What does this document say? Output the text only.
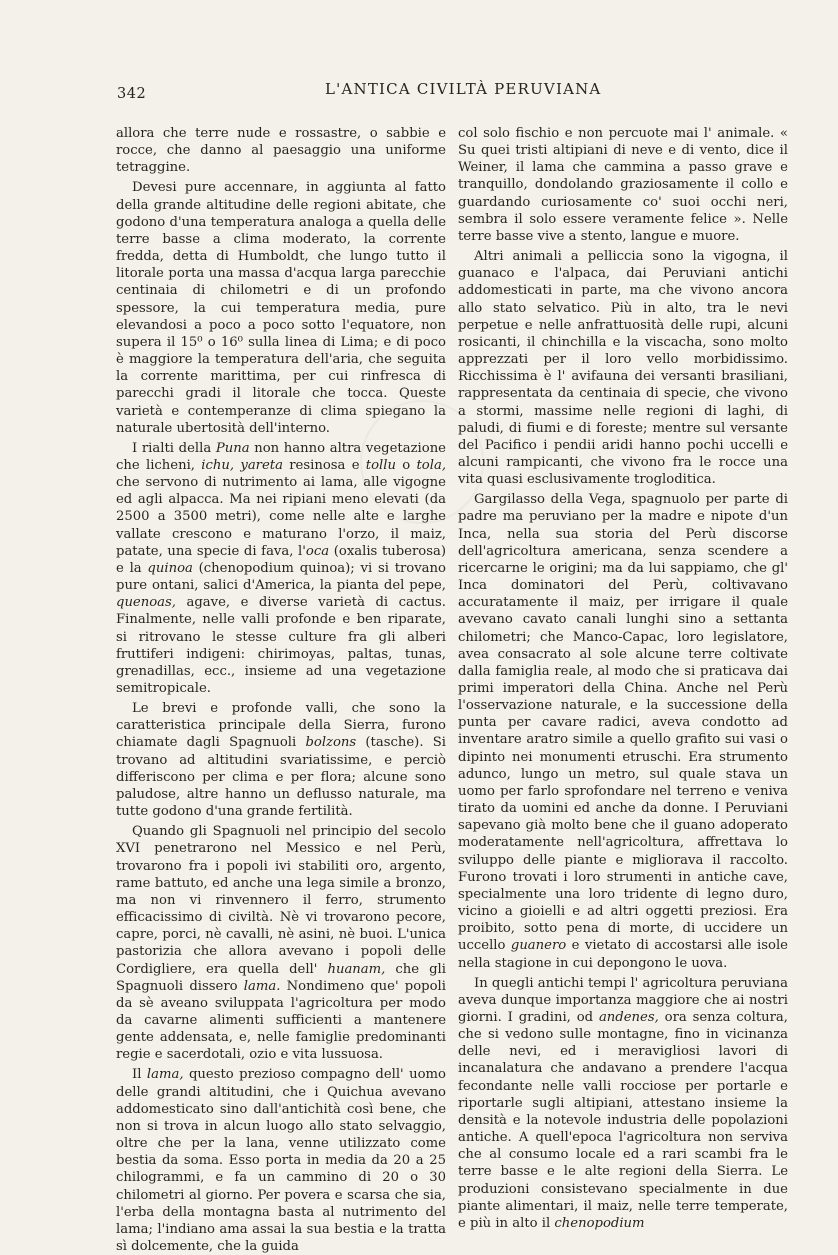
342	L'ANTICA CIVILTÀ PERUVIANA

allora che terre nude e rossastre, o sabbie e rocce, che danno al paesaggio una uniforme tetraggine.

Devesi pure accennare, in aggiunta al fatto della grande altitudine delle regioni abitate, che godono d'una temperatura analoga a quella delle terre basse a clima moderato, la corrente fredda, detta di Humboldt, che lungo tutto il litorale porta una massa d'acqua larga parecchie centinaia di chilometri e di un profondo spessore, la cui temperatura media, pure elevandosi a poco a poco sotto l'equatore, non supera il 15⁰ o 16⁰ sulla linea di Lima; e di poco è maggiore la temperatura dell'aria, che seguita la corrente marittima, per cui rinfresca di parecchi gradi il litorale che tocca. Queste varietà e contemperanze di clima spiegano la naturale ubertosità dell'interno.

I rialti della Puna non hanno altra vegetazione che licheni, ichu, yareta resinosa e tollu o tola, che servono di nutrimento ai lama, alle vigogne ed agli alpacca. Ma nei ripiani meno elevati (da 2500 a 3500 metri), come nelle alte e larghe vallate crescono e maturano l'orzo, il maiz, patate, una specie di fava, l'oca (oxalis tuberosa) e la quinoa (chenopodium quinoa); vi si trovano pure ontani, salici d'America, la pianta del pepe, quenoas, agave, e diverse varietà di cactus. Finalmente, nelle valli profonde e ben riparate, si ritrovano le stesse culture fra gli alberi fruttiferi indigeni: chirimoyas, paltas, tunas, grenadillas, ecc., insieme ad una vegetazione semitropicale.

Le brevi e profonde valli, che sono la caratteristica principale della Sierra, furono chiamate dagli Spagnuoli bolzons (tasche). Si trovano ad altitudini svariatissime, e perciò differiscono per clima e per flora; alcune sono paludose, altre hanno un deflusso naturale, ma tutte godono d'una grande fertilità.

Quando gli Spagnuoli nel principio del secolo XVI penetrarono nel Messico e nel Perù, trovarono fra i popoli ivi stabiliti oro, argento, rame battuto, ed anche una lega simile a bronzo, ma non vi rinvennero il ferro, strumento efficacissimo di civiltà. Nè vi trovarono pecore, capre, porci, nè cavalli, nè asini, nè buoi. L'unica pastorizia che allora avevano i popoli delle Cordigliere, era quella dell' huanam, che gli Spagnuoli dissero lama. Nondimeno que' popoli da sè aveano sviluppata l'agricoltura per modo da cavarne alimenti sufficienti a mantenere gente addensata, e, nelle famiglie predominanti regie e sacerdotali, ozio e vita lussuosa.

Il lama, questo prezioso compagno dell' uomo delle grandi altitudini, che i Quichua avevano addomesticato sino dall'antichità così bene, che non si trova in alcun luogo allo stato selvaggio, oltre che per la lana, venne utilizzato come bestia da soma. Esso porta in media da 20 a 25 chilogrammi, e fa un cammino di 20 o 30 chilometri al giorno. Per povera e scarsa che sia, l'erba della montagna basta al nutrimento del lama; l'indiano ama assai la sua bestia e la tratta sì dolcemente, che la guida

col solo fischio e non percuote mai l' animale. « Su quei tristi altipiani di neve e di vento, dice il Weiner, il lama che cammina a passo grave e tranquillo, dondolando graziosamente il collo e guardando curiosamente co' suoi occhi neri, sembra il solo essere veramente felice ». Nelle terre basse vive a stento, langue e muore.

Altri animali a pelliccia sono la vigogna, il guanaco e l'alpaca, dai Peruviani antichi addomesticati in parte, ma che vivono ancora allo stato selvatico. Più in alto, tra le nevi perpetue e nelle anfrattuosità delle rupi, alcuni rosicanti, il chinchilla e la viscacha, sono molto apprezzati per il loro vello morbidissimo. Ricchissima è l' avifauna dei versanti brasiliani, rappresentata da centinaia di specie, che vivono a stormi, massime nelle regioni di laghi, di paludi, di fiumi e di foreste; mentre sul versante del Pacifico i pendii aridi hanno pochi uccelli e alcuni rampicanti, che vivono fra le rocce una vita quasi esclusivamente trogloditica.

Gargilasso della Vega, spagnuolo per parte di padre ma peruviano per la madre e nipote d'un Inca, nella sua storia del Perù discorse dell'agricoltura americana, senza scendere a ricercarne le origini; ma da lui sappiamo, che gl' Inca dominatori del Perù, coltivavano accuratamente il maiz, per irrigare il quale avevano cavato canali lunghi sino a settanta chilometri; che Manco-Capac, loro legislatore, avea consacrato al sole alcune terre coltivate dalla famiglia reale, al modo che si praticava dai primi imperatori della China. Anche nel Perù l'osservazione naturale, e la successione della punta per cavare radici, aveva condotto ad inventare aratro simile a quello grafito sui vasi o dipinto nei monumenti etruschi. Era strumento adunco, lungo un metro, sul quale stava un uomo per farlo sprofondare nel terreno e veniva tirato da uomini ed anche da donne. I Peruviani sapevano già molto bene che il guano adoperato moderatamente nell'agricoltura, affrettava lo sviluppo delle piante e migliorava il raccolto. Furono trovati i loro strumenti in antiche cave, specialmente una loro tridente di legno duro, vicino a gioielli e ad altri oggetti preziosi. Era proibito, sotto pena di morte, di uccidere un uccello guanero e vietato di accostarsi alle isole nella stagione in cui depongono le uova.

In quegli antichi tempi l' agricoltura peruviana aveva dunque importanza maggiore che ai nostri giorni. I gradini, od andenes, ora senza coltura, che si vedono sulle montagne, fino in vicinanza delle nevi, ed i meravigliosi lavori di incanalatura che andavano a prendere l'acqua fecondante nelle valli rocciose per portarle e riportarle sugli altipiani, attestano insieme la densità e la notevole industria delle popolazioni antiche. A quell'epoca l'agricoltura non serviva che al consumo locale ed a rari scambi fra le terre basse e le alte regioni della Sierra. Le produzioni consistevano specialmente in due piante alimentari, il maiz, nelle terre temperate, e più in alto il chenopodium
